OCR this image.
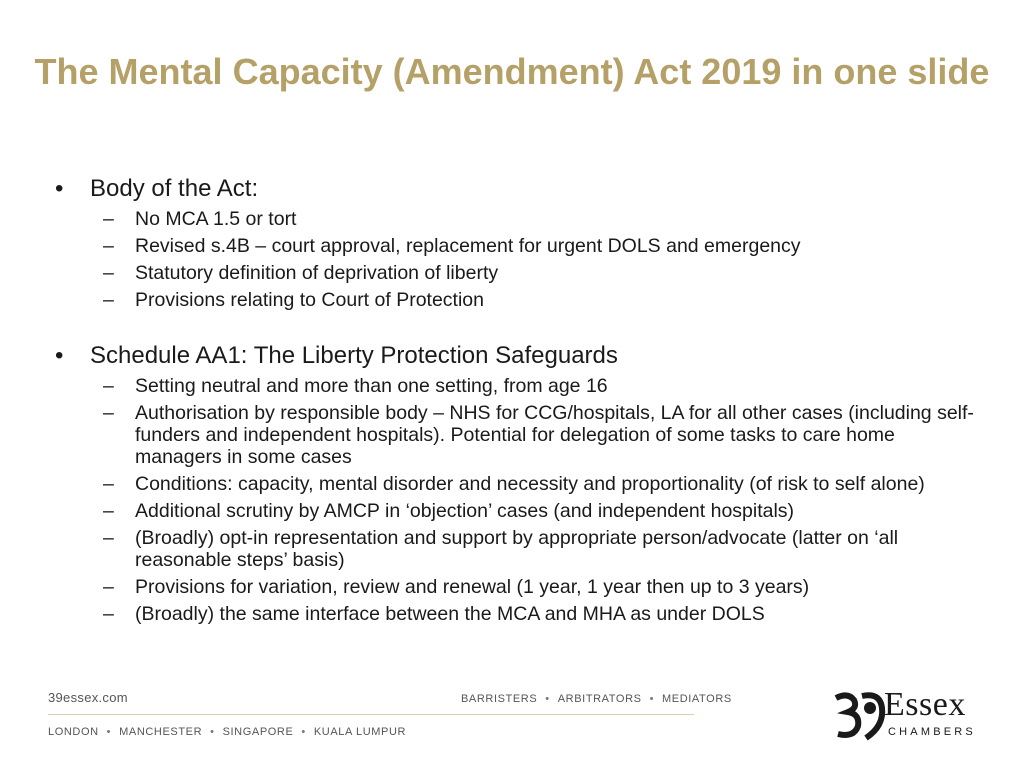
The Mental Capacity (Amendment) Act 2019 in one slide
• Body of the Act:
– No MCA 1.5 or tort
– Revised s.4B – court approval, replacement for urgent DOLS and emergency
– Statutory definition of deprivation of liberty
– Provisions relating to Court of Protection
• Schedule AA1: The Liberty Protection Safeguards
– Setting neutral and more than one setting, from age 16
– Authorisation by responsible body – NHS for CCG/hospitals, LA for all other cases (including self-funders and independent hospitals). Potential for delegation of some tasks to care home managers in some cases
– Conditions: capacity, mental disorder and necessity and proportionality (of risk to self alone)
– Additional scrutiny by AMCP in ‘objection’ cases (and independent hospitals)
– (Broadly) opt-in representation and support by appropriate person/advocate (latter on ‘all reasonable steps’ basis)
– Provisions for variation, review and renewal (1 year, 1 year then up to 3 years)
– (Broadly) the same interface between the MCA and MHA as under DOLS
39essex.com	BARRISTERS • ARBITRATORS • MEDIATORS
LONDON • MANCHESTER • SINGAPORE • KUALA LUMPUR
Essex
CHAMBERS
